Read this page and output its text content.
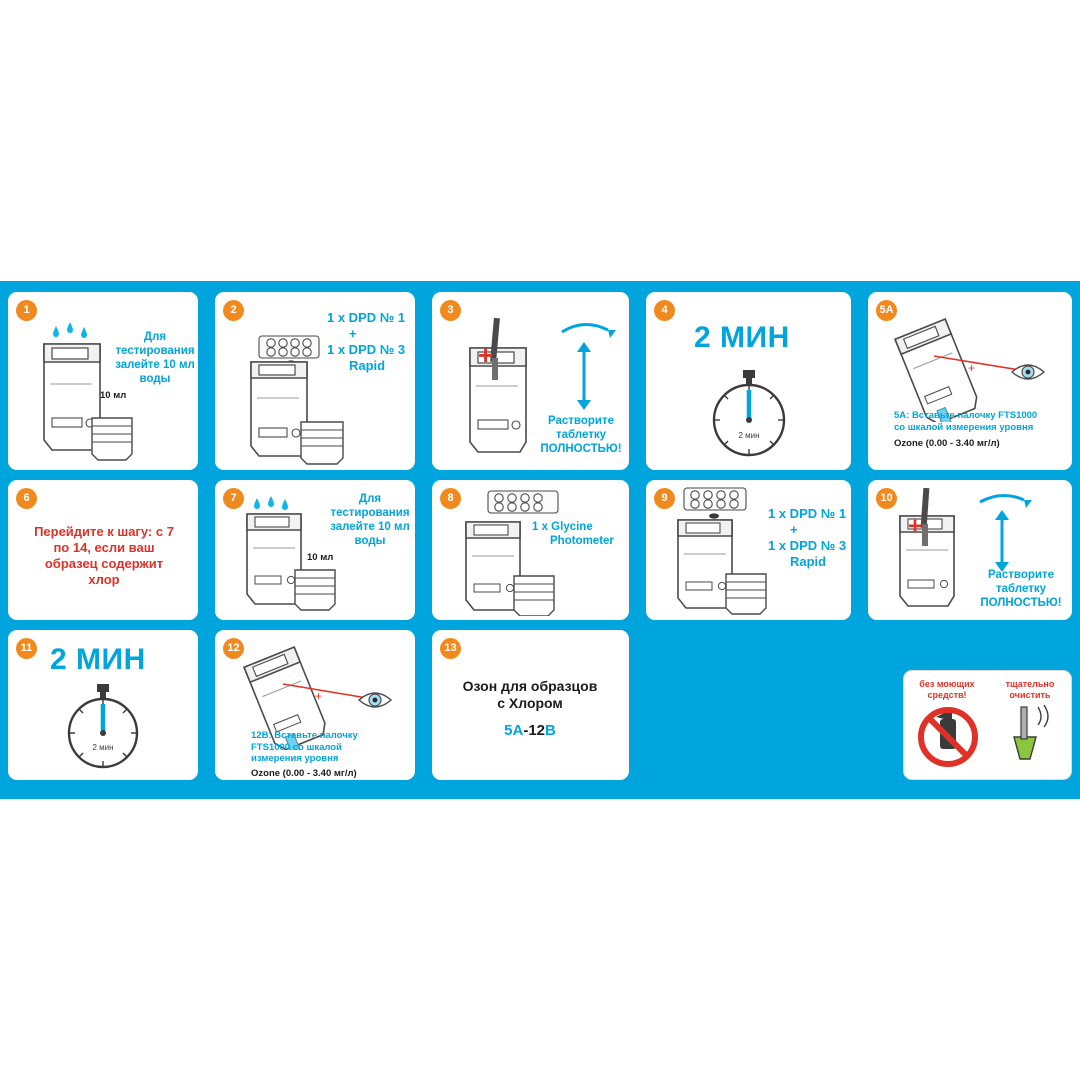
1
Для
тестирования
залейте 10 мл
воды
10 мл
2	1 x DPD № 1
+
1 x DPD № 3
Rapid
3
+
Растворите
таблетку
ПОЛНОСТЬЮ!
4
2 МИН
2 мин
5A
+
5A: Вставьте палочку FTS1000
со шкалой измерения уровня
Ozone (0.00 - 3.40 мг/л)
6
Перейдите к шагу: с 7
по 14, если ваш
образец содержит
хлор
7	Для
тестирования
залейте 10 мл
воды
10 мл
8
1 x Glycine
Photometer
9
1 x DPD № 1
+
1 x DPD № 3
Rapid
10
+
Растворите
таблетку
ПОЛНОСТЬЮ!
11 2 МИН
2 мин
12
+
12B: Вставьте палочку
FTS1000 со шкалой
измерения уровня
Ozone (0.00 - 3.40 мг/л)
13
Озон для образцов
с Хлором
5A-12B
без моющих
средств!
тщательно
очистить
